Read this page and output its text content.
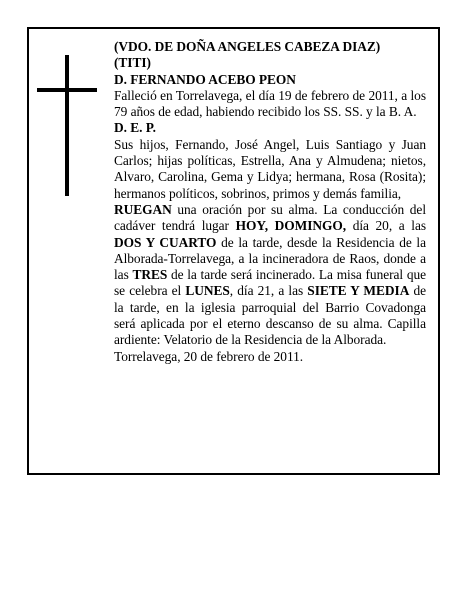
(VDO. DE DOÑA ANGELES CABEZA DIAZ)

(TITI)

D. FERNANDO ACEBO PEON

Falleció en Torrelavega, el día 19 de febrero de 2011, a los 79 años de edad, habiendo recibido los SS. SS. y la B. A.

D. E. P.

Sus hijos, Fernando, José Angel, Luis Santiago y Juan Carlos; hijas políticas, Estrella, Ana y Almudena; nietos, Alvaro, Carolina, Gema y Lidya; hermana, Rosa (Rosita); hermanos políticos, sobrinos, primos y demás familia,

RUEGAN una oración por su alma. La conducción del cadáver tendrá lugar HOY, DOMINGO, día 20, a las DOS Y CUARTO de la tarde, desde la Residencia de la Alborada-Torrelavega, a la incineradora de Raos, donde a las TRES de la tarde será incinerado. La misa funeral que se celebra el LUNES, día 21, a las SIETE Y MEDIA de la tarde, en la iglesia parroquial del Barrio Covadonga será aplicada por el eterno descanso de su alma. Capilla ardiente: Velatorio de la Residencia de la Alborada.

Torrelavega, 20 de febrero de 2011.
